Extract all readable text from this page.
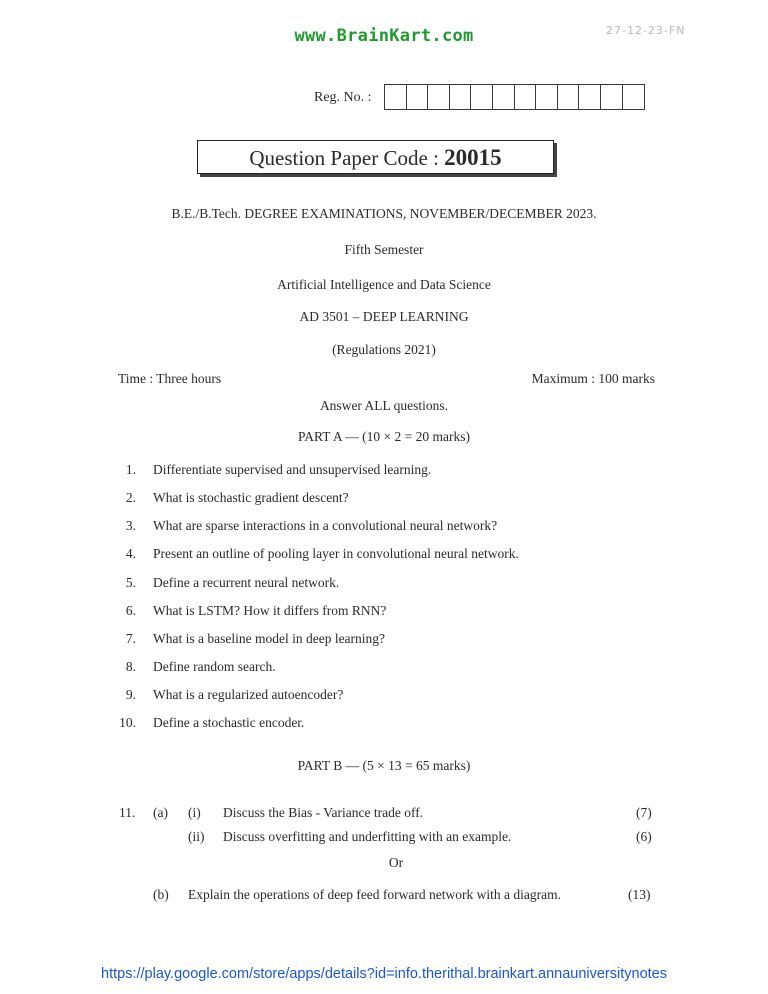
www.BrainKart.com	27-12-23-FN
Reg. No. :
Question Paper Code : 20015
B.E./B.Tech. DEGREE EXAMINATIONS, NOVEMBER/DECEMBER 2023.
Fifth Semester
Artificial Intelligence and Data Science
AD 3501 – DEEP LEARNING
(Regulations 2021)
Time : Three hours	Maximum : 100 marks
Answer ALL questions.
PART A — (10 × 2 = 20 marks)
1. Differentiate supervised and unsupervised learning.
2. What is stochastic gradient descent?
3. What are sparse interactions in a convolutional neural network?
4. Present an outline of pooling layer in convolutional neural network.
5. Define a recurrent neural network.
6. What is LSTM? How it differs from RNN?
7. What is a baseline model in deep learning?
8. Define random search.
9. What is a regularized autoencoder?
10. Define a stochastic encoder.
PART B — (5 × 13 = 65 marks)
11. (a) (i) Discuss the Bias - Variance trade off.	(7)
(ii) Discuss overfitting and underfitting with an example.	(6)
Or
(b) Explain the operations of deep feed forward network with a diagram.	(13)
https://play.google.com/store/apps/details?id=info.therithal.brainkart.annauniversitynotes
